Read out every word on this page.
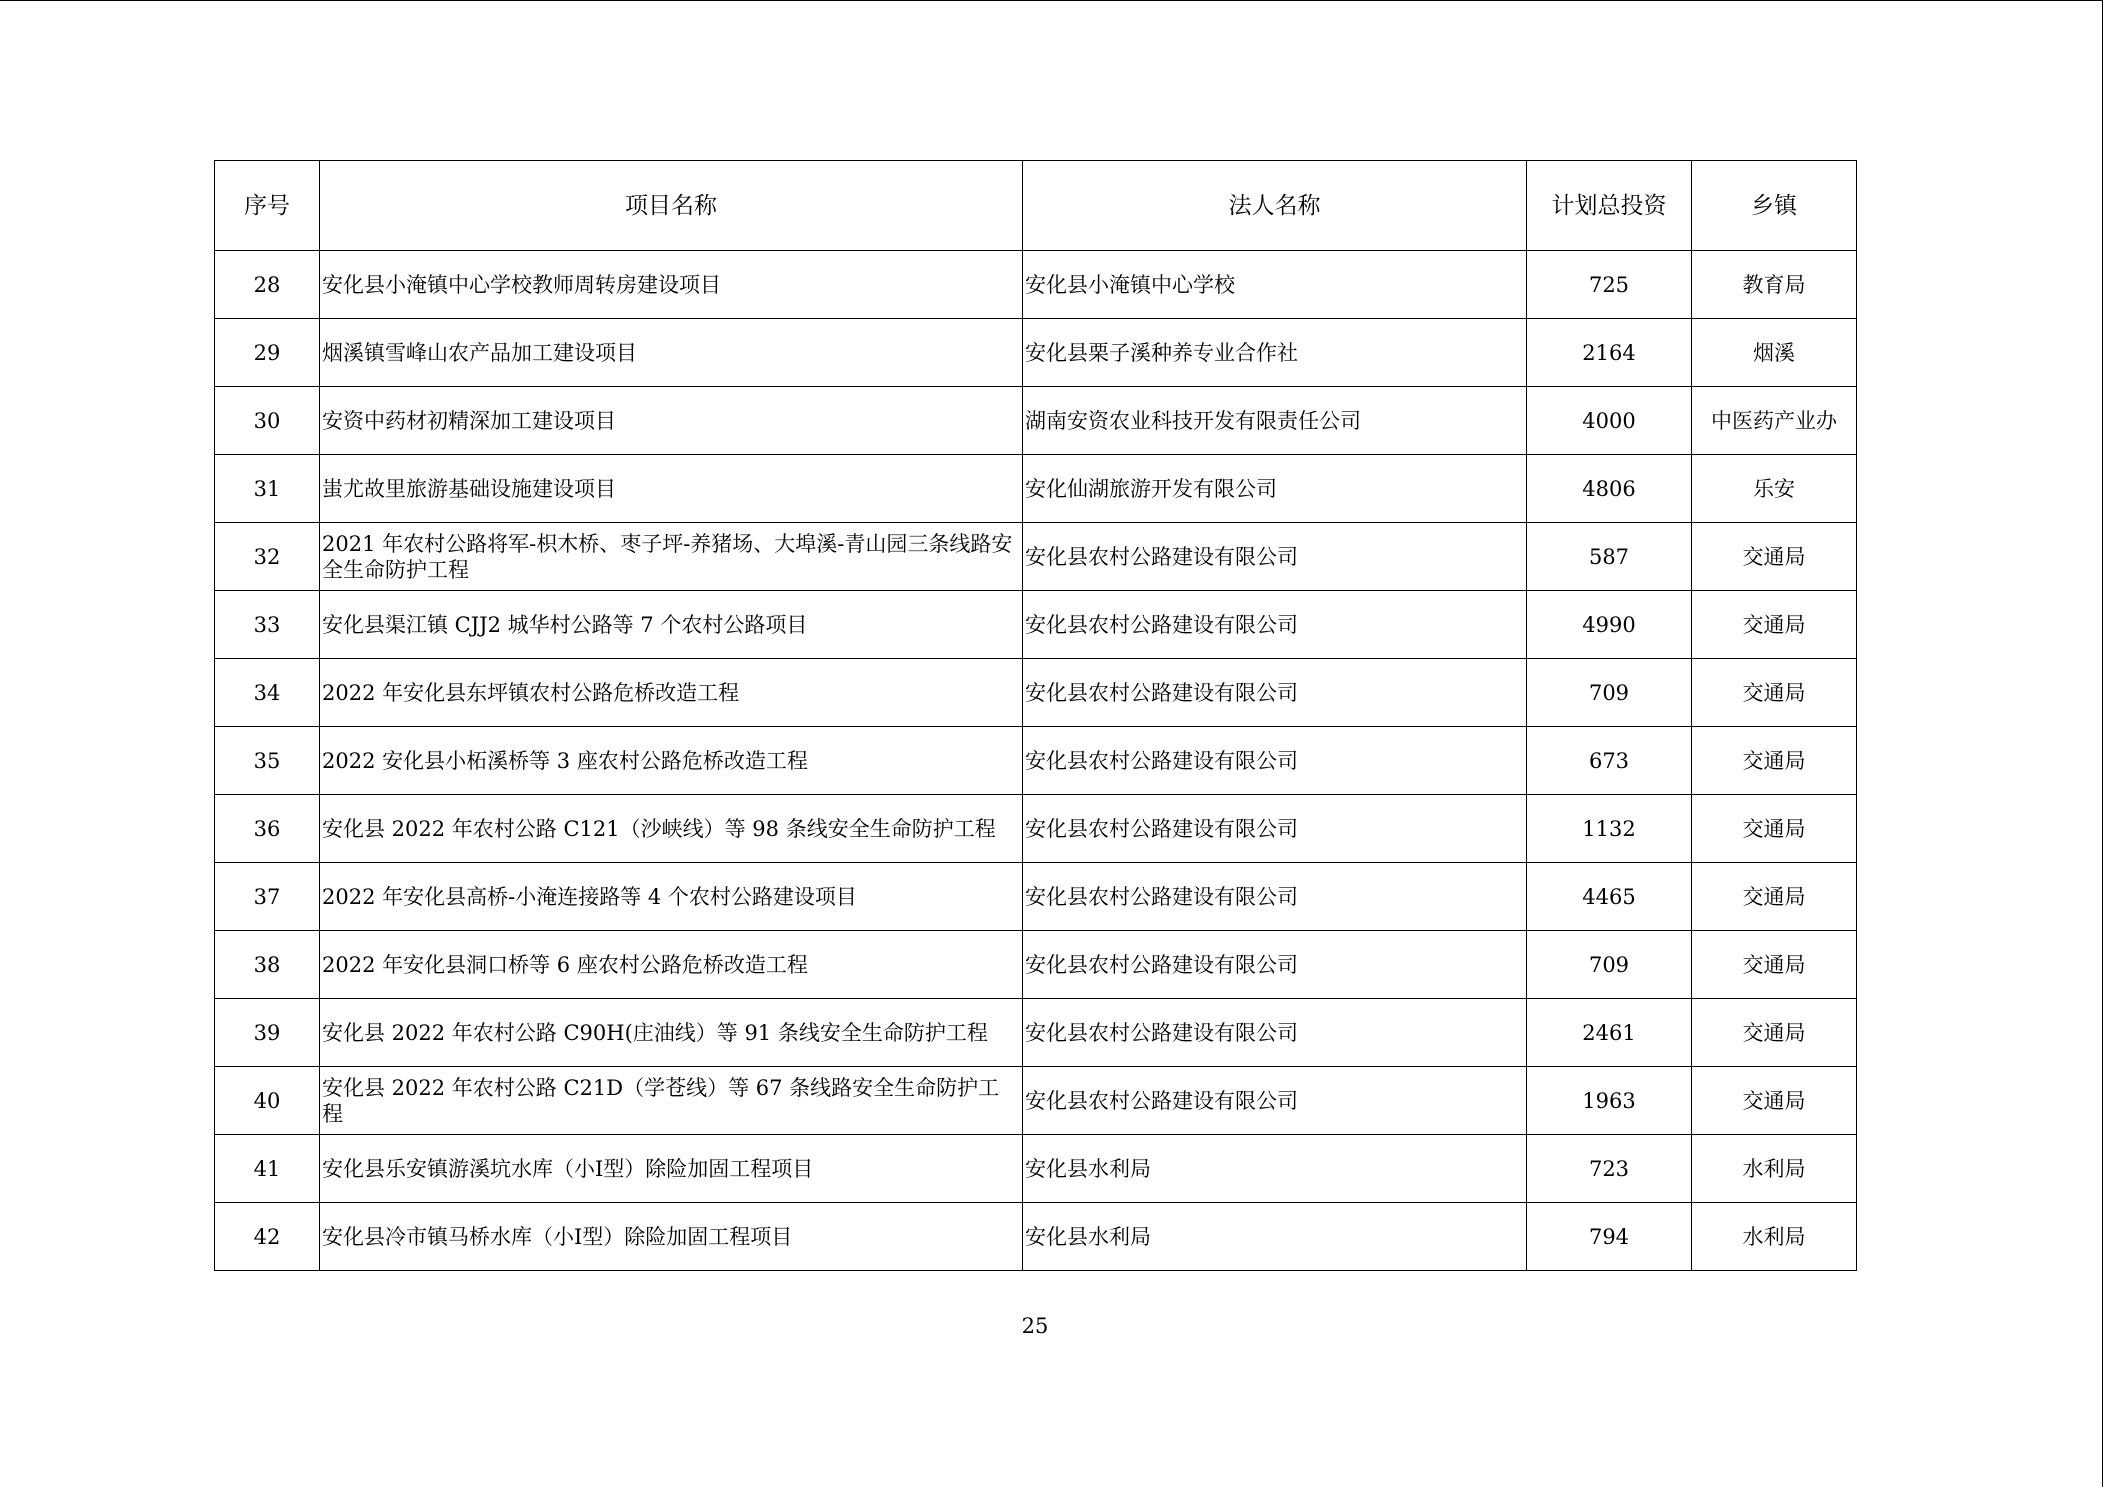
序号	项目名称	法人名称	计划总投资	乡镇
28	安化县小淹镇中心学校教师周转房建设项目	安化县小淹镇中心学校	725	教育局
29	烟溪镇雪峰山农产品加工建设项目	安化县栗子溪种养专业合作社	2164	烟溪
30	安资中药材初精深加工建设项目	湖南安资农业科技开发有限责任公司	4000	中医药产业办
31	蚩尤故里旅游基础设施建设项目	安化仙湖旅游开发有限公司	4806	乐安
32	2021 年农村公路将军-枳木桥、枣子坪-养猪场、大埠溪-青山园三条线路安全生命防护工程	安化县农村公路建设有限公司	587	交通局
33	安化县渠江镇 CJJ2 城华村公路等 7 个农村公路项目	安化县农村公路建设有限公司	4990	交通局
34	2022 年安化县东坪镇农村公路危桥改造工程	安化县农村公路建设有限公司	709	交通局
35	2022 安化县小柘溪桥等 3 座农村公路危桥改造工程	安化县农村公路建设有限公司	673	交通局
36	安化县 2022 年农村公路 C121（沙峡线）等 98 条线安全生命防护工程	安化县农村公路建设有限公司	1132	交通局
37	2022 年安化县高桥-小淹连接路等 4 个农村公路建设项目	安化县农村公路建设有限公司	4465	交通局
38	2022 年安化县洞口桥等 6 座农村公路危桥改造工程	安化县农村公路建设有限公司	709	交通局
39	安化县 2022 年农村公路 C90H(庄油线）等 91 条线安全生命防护工程	安化县农村公路建设有限公司	2461	交通局
40	安化县 2022 年农村公路 C21D（学苍线）等 67 条线路安全生命防护工程	安化县农村公路建设有限公司	1963	交通局
41	安化县乐安镇游溪坑水库（小Ⅰ型）除险加固工程项目	安化县水利局	723	水利局
42	安化县冷市镇马桥水库（小Ⅰ型）除险加固工程项目	安化县水利局	794	水利局
25
